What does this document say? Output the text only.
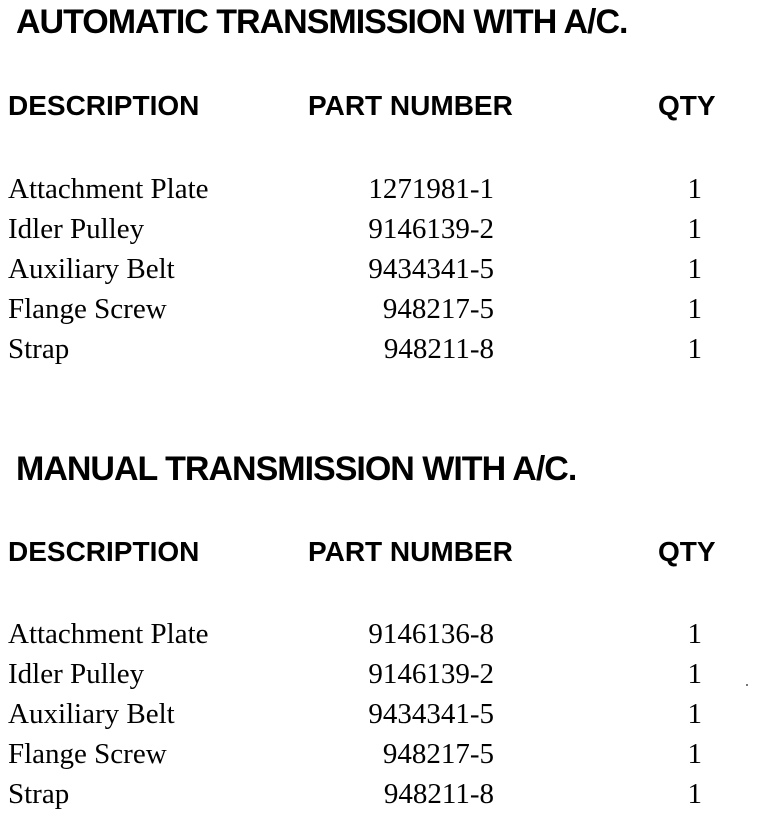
AUTOMATIC TRANSMISSION WITH A/C.
DESCRIPTION	PART NUMBER	QTY
Attachment Plate	1271981-1	1
Idler Pulley	9146139-2	1
Auxiliary Belt	9434341-5	1
Flange Screw	948217-5	1
Strap	948211-8	1
MANUAL TRANSMISSION WITH A/C.
DESCRIPTION	PART NUMBER	QTY
Attachment Plate	9146136-8	1
Idler Pulley	9146139-2	1
Auxiliary Belt	9434341-5	1
Flange Screw	948217-5	1
Strap	948211-8	1
